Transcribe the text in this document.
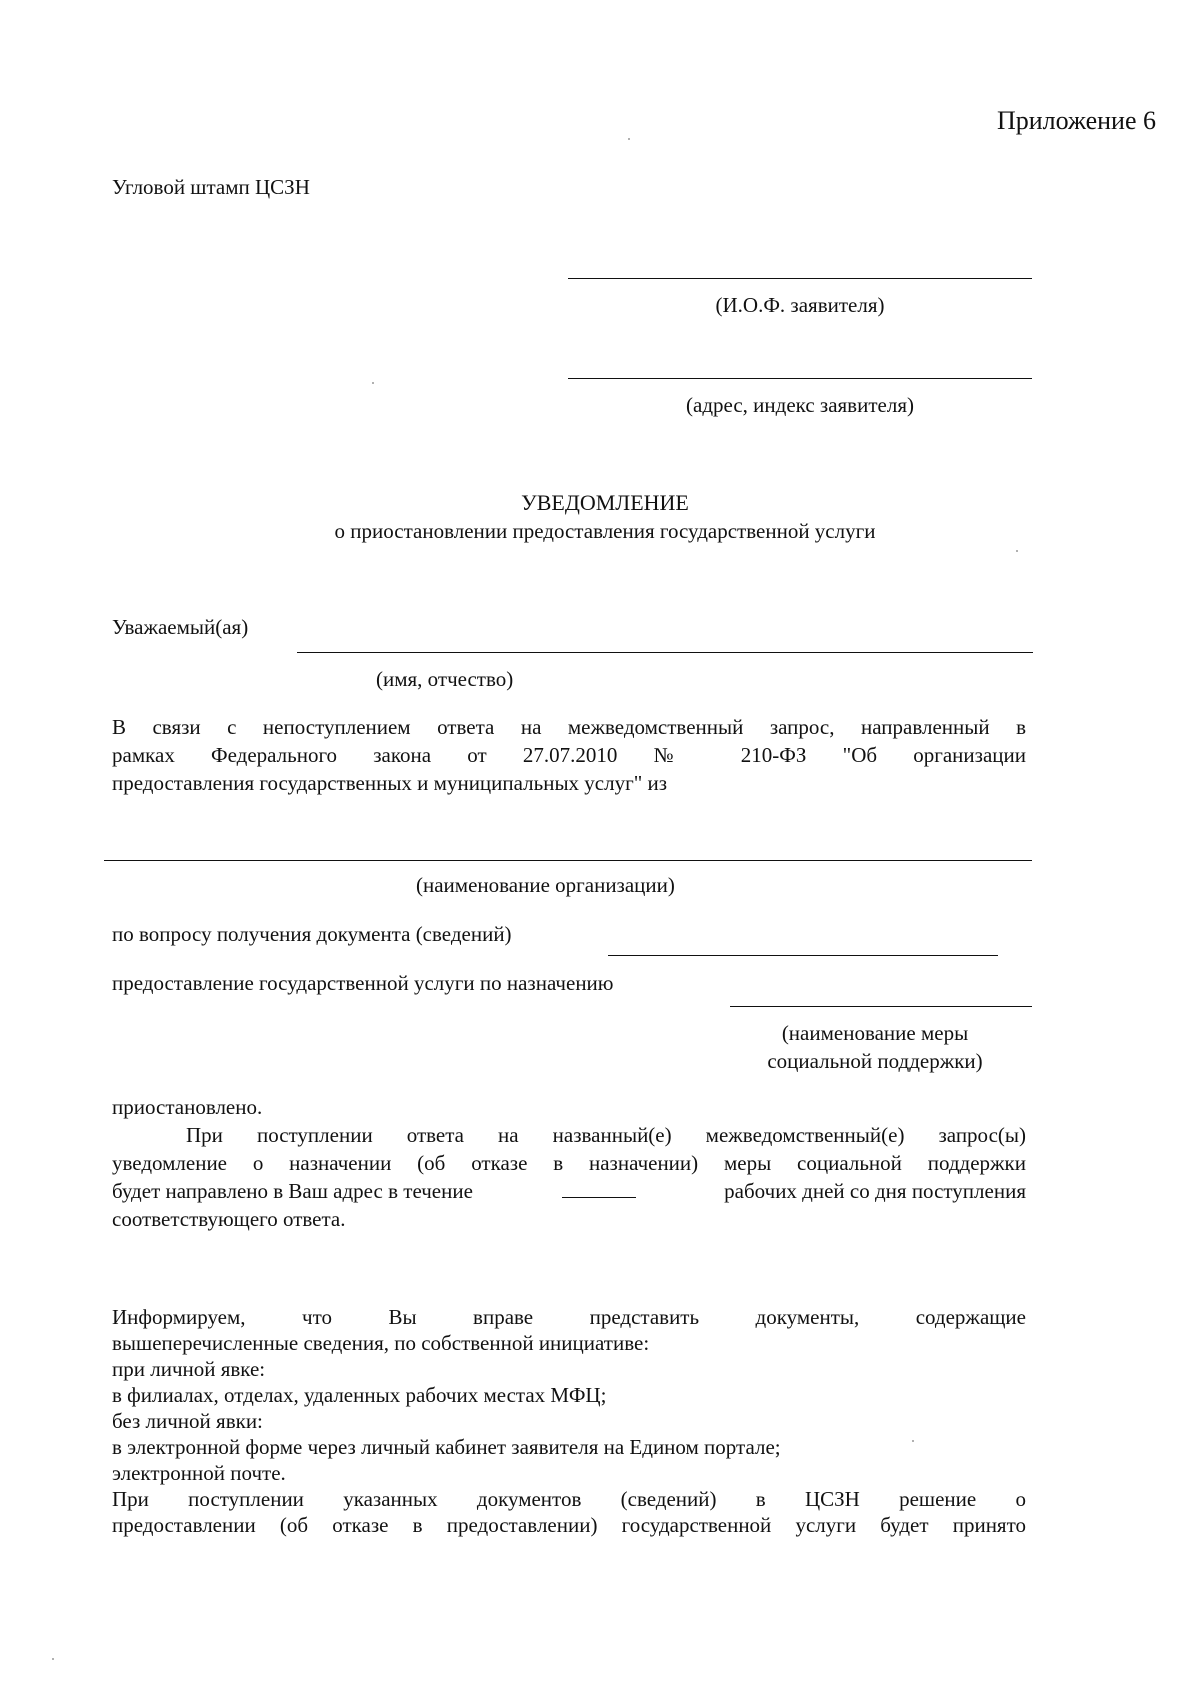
Приложение 6
Угловой штамп ЦСЗН
(И.О.Ф. заявителя)
(адрес, индекс заявителя)
УВЕДОМЛЕНИЕ
о приостановлении предоставления государственной услуги
Уважаемый(ая)
(имя, отчество)
В связи с непоступлением ответа на межведомственный запрос, направленный в
рамках Федерального закона от 27.07.2010 № 210-ФЗ "Об организации
предоставления государственных и муниципальных услуг" из
(наименование организации)
по вопросу получения документа (сведений)
предоставление государственной услуги по назначению
(наименование меры
социальной поддержки)
приостановлено.
При поступлении ответа на названный(е) межведомственный(е) запрос(ы)
уведомление о назначении (об отказе в назначении) меры социальной поддержки
будет направлено в Ваш адрес в течение	рабочих дней со дня поступления
соответствующего ответа.
Информируем, что Вы вправе представить документы, содержащие
вышеперечисленные сведения, по собственной инициативе:
при личной явке:
в филиалах, отделах, удаленных рабочих местах МФЦ;
без личной явки:
в электронной форме через личный кабинет заявителя на Едином портале;
электронной почте.
При поступлении указанных документов (сведений) в ЦСЗН решение о
предоставлении (об отказе в предоставлении) государственной услуги будет принято
